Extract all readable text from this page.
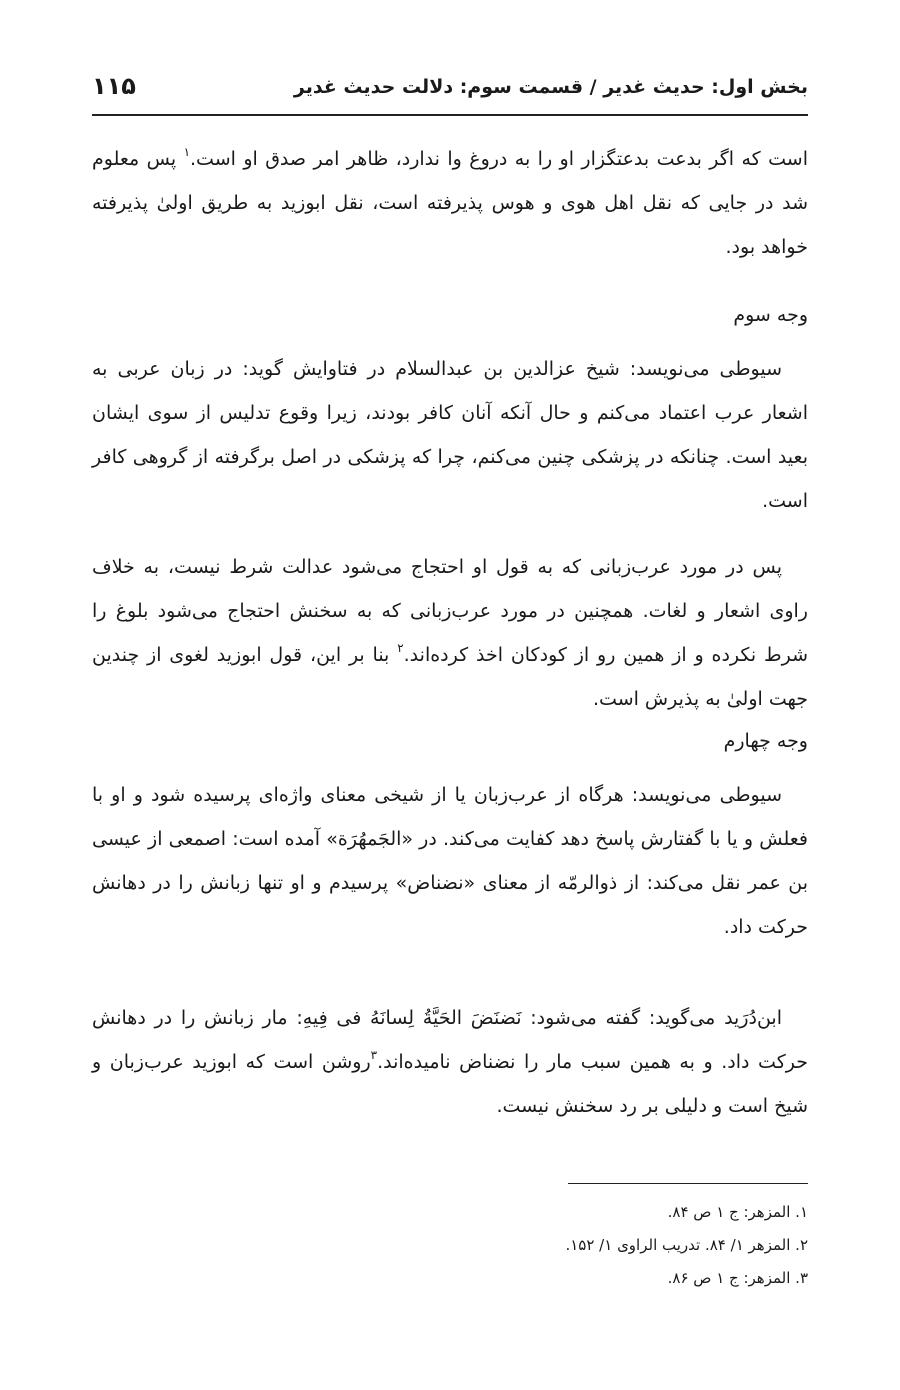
بخش اول: حدیث غدیر / قسمت سوم: دلالت حدیث غدیر
۱۱۵

است که اگر بدعت بدعتگزار او را به دروغ وا ندارد، ظاهر امر صدق او است.$^۱$ پس معلوم شد در جایی که نقل اهل هوی و هوس پذیرفته است، نقل ابوزید به طریق اولیٰ پذیرفته خواهد بود.

وجه سوم

سیوطی می‌نویسد: شیخ عزالدین بن عبدالسلام در فتاوایش گوید: در زبان عربی به اشعار عرب اعتماد می‌کنم و حال آنکه آنان کافر بودند، زیرا وقوع تدلیس از سوی ایشان بعید است. چنانکه در پزشکی چنین می‌کنم، چرا که پزشکی در اصل برگرفته از گروهی کافر است.

پس در مورد عرب‌زبانی که به قول او احتجاج می‌شود عدالت شرط نیست، به خلاف راوی اشعار و لغات. همچنین در مورد عرب‌زبانی که به سخنش احتجاج می‌شود بلوغ را شرط نکرده و از همین رو از کودکان اخذ کرده‌اند.$^۲$ بنا بر این، قول ابوزید لغوی از چندین جهت اولیٰ به پذیرش است.

وجه چهارم

سیوطی می‌نویسد: هرگاه از عرب‌زبان یا از شیخی معنای واژه‌ای پرسیده شود و او با فعلش و یا با گفتارش پاسخ دهد کفایت می‌کند. در «الجَمهُرَة» آمده است: اصمعی از عیسی بن عمر نقل می‌کند: از ذوالرمّه از معنای «نضناض» پرسیدم و او تنها زبانش را در دهانش حرکت داد.

ابن‌دُرَید می‌گوید: گفته می‌شود: نَضنَضَ الحَیَّةُ لِسانَهُ فی فِیهِ: مار زبانش را در دهانش حرکت داد. و به همین سبب مار را نضناض نامیده‌اند.$^۳$روشن است که ابوزید عرب‌زبان و شیخ است و دلیلی بر رد سخنش نیست.

۱. المزهر: ج ۱ ص ۸۴.
۲. المزهر ۱/ ۸۴. تدریب الراوی ۱/ ۱۵۲.
۳. المزهر: ج ۱ ص ۸۶.
